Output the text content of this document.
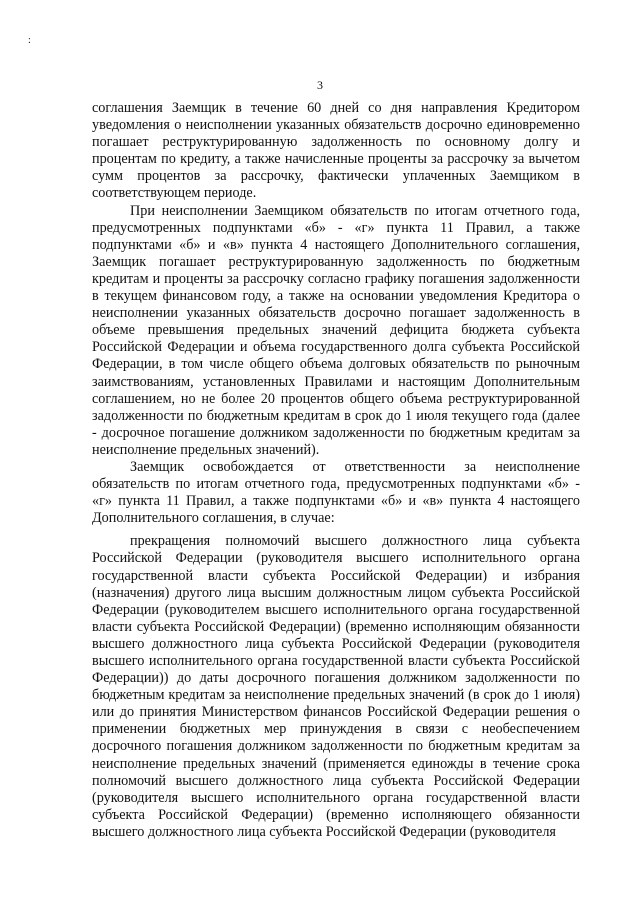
:
3

соглашения Заемщик в течение 60 дней со дня направления Кредитором уведомления о неисполнении указанных обязательств досрочно единовременно погашает реструктурированную задолженность по основному долгу и процентам по кредиту, а также начисленные проценты за рассрочку за вычетом сумм процентов за рассрочку, фактически уплаченных Заемщиком в соответствующем периоде.

При неисполнении Заемщиком обязательств по итогам отчетного года, предусмотренных подпунктами «б» - «г» пункта 11 Правил, а также подпунктами «б» и «в» пункта 4 настоящего Дополнительного соглашения, Заемщик погашает реструктурированную задолженность по бюджетным кредитам и проценты за рассрочку согласно графику погашения задолженности в текущем финансовом году, а также на основании уведомления Кредитора о неисполнении указанных обязательств досрочно погашает задолженность в объеме превышения предельных значений дефицита бюджета субъекта Российской Федерации и объема государственного долга субъекта Российской Федерации, в том числе общего объема долговых обязательств по рыночным заимствованиям, установленных Правилами и настоящим Дополнительным соглашением, но не более 20 процентов общего объема реструктурированной задолженности по бюджетным кредитам в срок до 1 июля текущего года (далее - досрочное погашение должником задолженности по бюджетным кредитам за неисполнение предельных значений).

Заемщик освобождается от ответственности за неисполнение обязательств по итогам отчетного года, предусмотренных подпунктами «б» - «г» пункта 11 Правил, а также подпунктами «б» и «в» пункта 4 настоящего Дополнительного соглашения, в случае:

прекращения полномочий высшего должностного лица субъекта Российской Федерации (руководителя высшего исполнительного органа государственной власти субъекта Российской Федерации) и избрания (назначения) другого лица высшим должностным лицом субъекта Российской Федерации (руководителем высшего исполнительного органа государственной власти субъекта Российской Федерации) (временно исполняющим обязанности высшего должностного лица субъекта Российской Федерации (руководителя высшего исполнительного органа государственной власти субъекта Российской Федерации)) до даты досрочного погашения должником задолженности по бюджетным кредитам за неисполнение предельных значений (в срок до 1 июля) или до принятия Министерством финансов Российской Федерации решения о применении бюджетных мер принуждения в связи с необеспечением досрочного погашения должником задолженности по бюджетным кредитам за неисполнение предельных значений (применяется единожды в течение срока полномочий высшего должностного лица субъекта Российской Федерации (руководителя высшего исполнительного органа государственной власти субъекта Российской Федерации) (временно исполняющего обязанности высшего должностного лица субъекта Российской Федерации (руководителя
